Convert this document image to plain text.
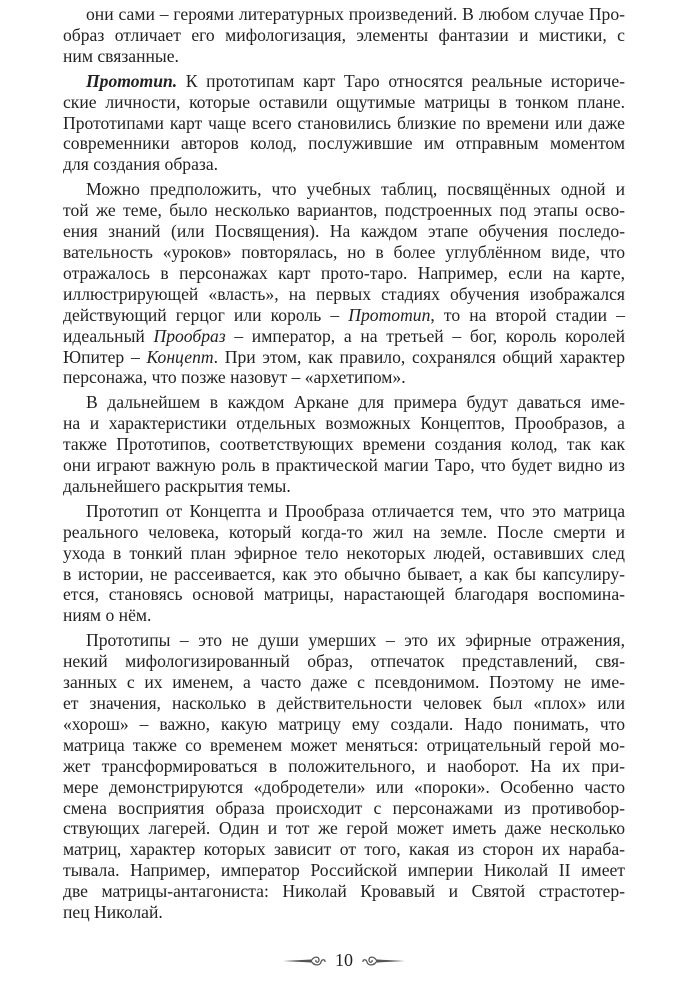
они сами – героями литературных произведений. В любом случае Про-
образ отличает его мифологизация, элементы фантазии и мистики, с
ним связанные.
Прототип. К прототипам карт Таро относятся реальные историче-
ские личности, которые оставили ощутимые матрицы в тонком плане.
Прототипами карт чаще всего становились близкие по времени или даже
современники авторов колод, послужившие им отправным моментом
для создания образа.
Можно предположить, что учебных таблиц, посвящённых одной и
той же теме, было несколько вариантов, подстроенных под этапы осво-
ения знаний (или Посвящения). На каждом этапе обучения последо-
вательность «уроков» повторялась, но в более углублённом виде, что
отражалось в персонажах карт прото-таро. Например, если на карте,
иллюстрирующей «власть», на первых стадиях обучения изображался
действующий герцог или король – Прототип, то на второй стадии –
идеальный Прообраз – император, а на третьей – бог, король королей
Юпитер – Концепт. При этом, как правило, сохранялся общий характер
персонажа, что позже назовут – «архетипом».
В дальнейшем в каждом Аркане для примера будут даваться име-
на и характеристики отдельных возможных Концептов, Прообразов, а
также Прототипов, соответствующих времени создания колод, так как
они играют важную роль в практической магии Таро, что будет видно из
дальнейшего раскрытия темы.
Прототип от Концепта и Прообраза отличается тем, что это матрица
реального человека, который когда-то жил на земле. После смерти и
ухода в тонкий план эфирное тело некоторых людей, оставивших след
в истории, не рассеивается, как это обычно бывает, а как бы капсулиру-
ется, становясь основой матрицы, нарастающей благодаря воспомина-
ниям о нём.
Прототипы – это не души умерших – это их эфирные отражения,
некий мифологизированный образ, отпечаток представлений, свя-
занных с их именем, а часто даже с псевдонимом. Поэтому не име-
ет значения, насколько в действительности человек был «плох» или
«хорош» – важно, какую матрицу ему создали. Надо понимать, что
матрица также со временем может меняться: отрицательный герой мо-
жет трансформироваться в положительного, и наоборот. На их при-
мере демонстрируются «добродетели» или «пороки». Особенно часто
смена восприятия образа происходит с персонажами из противобор-
ствующих лагерей. Один и тот же герой может иметь даже несколько
матриц, характер которых зависит от того, какая из сторон их нараба-
тывала. Например, император Российской империи Николай II имеет
две матрицы-антагониста: Николай Кровавый и Святой страстотер-
пец Николай.
10
